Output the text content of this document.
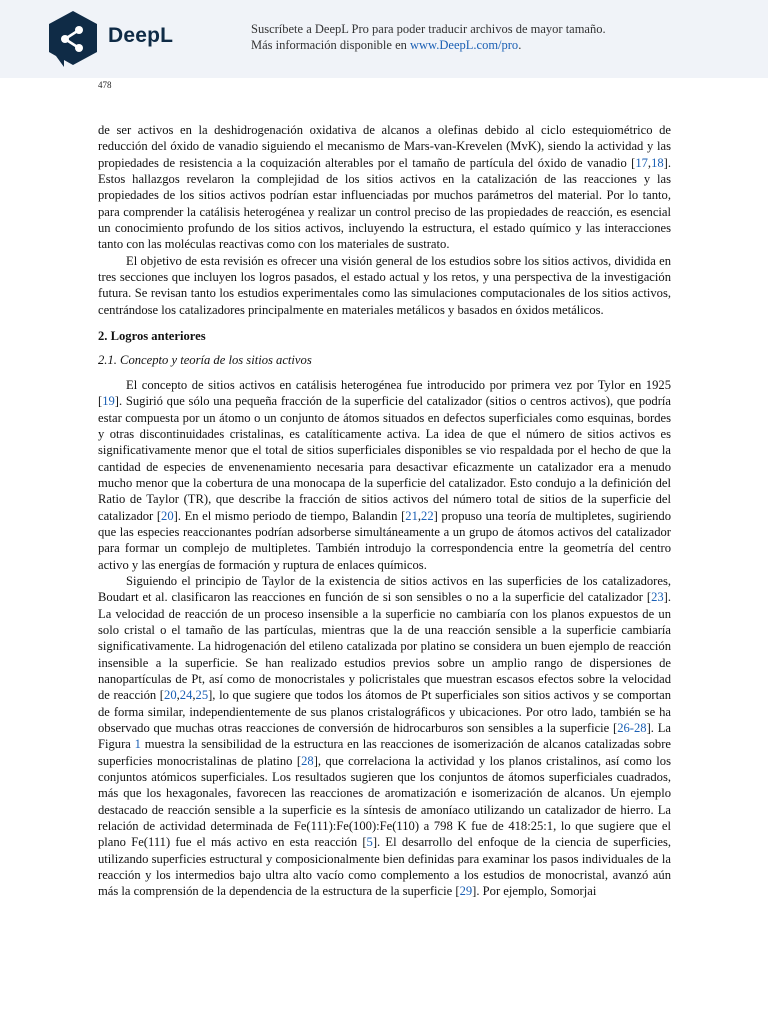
DeepL	Suscríbete a DeepL Pro para poder traducir archivos de mayor tamaño.
Más información disponible en www.DeepL.com/pro.
478

de ser activos en la deshidrogenación oxidativa de alcanos a olefinas debido al ciclo estequiométrico de reducción del óxido de vanadio siguiendo el mecanismo de Mars-van-Krevelen (MvK), siendo la actividad y las propiedades de resistencia a la coquización alterables por el tamaño de partícula del óxido de vanadio [17,18]. Estos hallazgos revelaron la complejidad de los sitios activos en la catalización de las reacciones y las propiedades de los sitios activos podrían estar influenciadas por muchos parámetros del material. Por lo tanto, para comprender la catálisis heterogénea y realizar un control preciso de las propiedades de reacción, es esencial un conocimiento profundo de los sitios activos, incluyendo la estructura, el estado químico y las interacciones tanto con las moléculas reactivas como con los materiales de sustrato.

El objetivo de esta revisión es ofrecer una visión general de los estudios sobre los sitios activos, dividida en tres secciones que incluyen los logros pasados, el estado actual y los retos, y una perspectiva de la investigación futura. Se revisan tanto los estudios experimentales como las simulaciones computacionales de los sitios activos, centrándose los catalizadores principalmente en materiales metálicos y basados en óxidos metálicos.

2. Logros anteriores

2.1. Concepto y teoría de los sitios activos

El concepto de sitios activos en catálisis heterogénea fue introducido por primera vez por Tylor en 1925 [19]. Sugirió que sólo una pequeña fracción de la superficie del catalizador (sitios o centros activos), que podría estar compuesta por un átomo o un conjunto de átomos situados en defectos superficiales como esquinas, bordes y otras discontinuidades cristalinas, es catalíticamente activa. La idea de que el número de sitios activos es significativamente menor que el total de sitios superficiales disponibles se vio respaldada por el hecho de que la cantidad de especies de envenenamiento necesaria para desactivar eficazmente un catalizador era a menudo mucho menor que la cobertura de una monocapa de la superficie del catalizador. Esto condujo a la definición del Ratio de Taylor (TR), que describe la fracción de sitios activos del número total de sitios de la superficie del catalizador [20]. En el mismo periodo de tiempo, Balandin [21,22] propuso una teoría de multipletes, sugiriendo que las especies reaccionantes podrían adsorberse simultáneamente a un grupo de átomos activos del catalizador para formar un complejo de multipletes. También introdujo la correspondencia entre la geometría del centro activo y las energías de formación y ruptura de enlaces químicos.

Siguiendo el principio de Taylor de la existencia de sitios activos en las superficies de los catalizadores, Boudart et al. clasificaron las reacciones en función de si son sensibles o no a la superficie del catalizador [23]. La velocidad de reacción de un proceso insensible a la superficie no cambiaría con los planos expuestos de un solo cristal o el tamaño de las partículas, mientras que la de una reacción sensible a la superficie cambiaría significativamente. La hidrogenación del etileno catalizada por platino se considera un buen ejemplo de reacción insensible a la superficie. Se han realizado estudios previos sobre un amplio rango de dispersiones de nanopartículas de Pt, así como de monocristales y policristales que muestran escasos efectos sobre la velocidad de reacción [20,24,25], lo que sugiere que todos los átomos de Pt superficiales son sitios activos y se comportan de forma similar, independientemente de sus planos cristalográficos y ubicaciones. Por otro lado, también se ha observado que muchas otras reacciones de conversión de hidrocarburos son sensibles a la superficie [26-28]. La Figura 1 muestra la sensibilidad de la estructura en las reacciones de isomerización de alcanos catalizadas sobre superficies monocristalinas de platino [28], que correlaciona la actividad y los planos cristalinos, así como los conjuntos atómicos superficiales. Los resultados sugieren que los conjuntos de átomos superficiales cuadrados, más que los hexagonales, favorecen las reacciones de aromatización e isomerización de alcanos. Un ejemplo destacado de reacción sensible a la superficie es la síntesis de amoníaco utilizando un catalizador de hierro. La relación de actividad determinada de Fe(111):Fe(100):Fe(110) a 798 K fue de 418:25:1, lo que sugiere que el plano Fe(111) fue el más activo en esta reacción [5]. El desarrollo del enfoque de la ciencia de superficies, utilizando superficies estructural y composicionalmente bien definidas para examinar los pasos individuales de la reacción y los intermedios bajo ultra alto vacío como complemento a los estudios de monocristal, avanzó aún más la comprensión de la dependencia de la estructura de la superficie [29]. Por ejemplo, Somorjai
